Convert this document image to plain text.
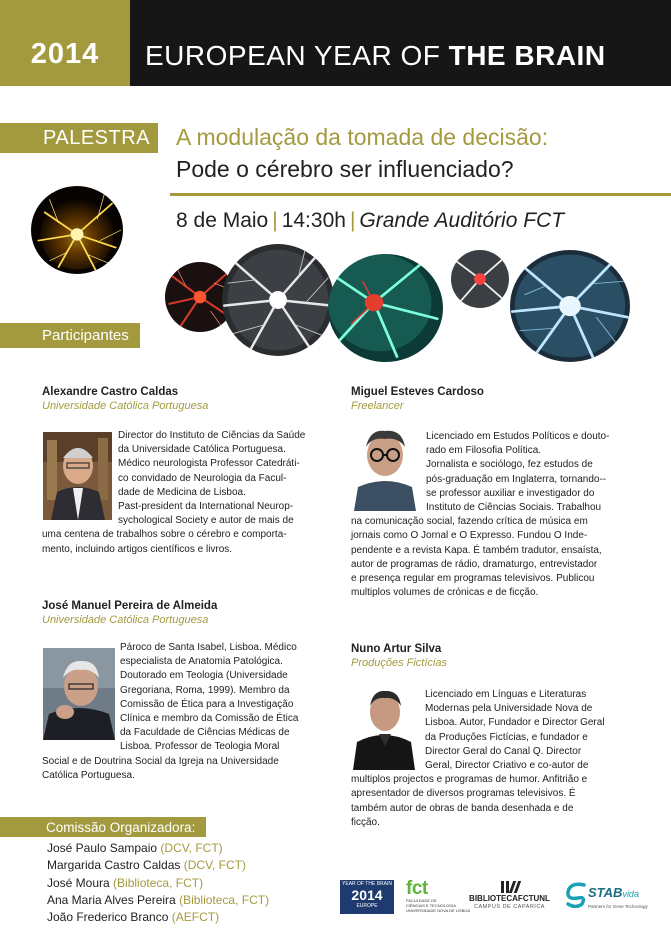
2014	EUROPEAN YEAR OF THE BRAIN
PALESTRA	A modulação da tomada de decisão:
Pode o cérebro ser influenciado?
8 de Maio | 14:30h | Grande Auditório FCT
Participantes
Alexandre Castro Caldas
Universidade Católica Portuguesa
Director do Instituto de Ciências da Saúde
da Universidade Católica Portuguesa.
Médico neurologista Professor Catedráti-
co convidado de Neurologia da Facul-
dade de Medicina de Lisboa.
Past-president da International Neurop-
sychological Society e autor de mais de
uma centena de trabalhos sobre o cérebro e comporta-
mento, incluindo artigos científicos e livros.
Miguel Esteves Cardoso
Freelancer
Licenciado em Estudos Políticos e douto-
rado em Filosofia Política.
Jornalista e sociólogo, fez estudos de
pós-graduação em Inglaterra, tornando--
se professor auxiliar e investigador do
Instituto de Ciências Sociais. Trabalhou
na comunicação social, fazendo crítica de música em
jornais como O Jornal e O Expresso. Fundou O Inde-
pendente e a revista Kapa. É também tradutor, ensaísta,
autor de programas de rádio, dramaturgo, entrevistador
e presença regular em programas televisivos. Publicou
multiplos volumes de crónicas e de ficção.
José Manuel Pereira de Almeida
Universidade Católica Portuguesa
Pároco de Santa Isabel, Lisboa. Médico
especialista de Anatomia Patológica.
Doutorado em Teologia (Universidade
Gregoriana, Roma, 1999). Membro da
Comissão de Ética para a Investigação
Clínica e membro da Comissão de Ética
da Faculdade de Ciências Médicas de
Lisboa. Professor de Teologia Moral
Social e de Doutrina Social da Igreja na Universidade
Católica Portuguesa.
Nuno Artur Silva
Produções Fictícias
Licenciado em Línguas e Literaturas
Modernas pela Universidade Nova de
Lisboa. Autor, Fundador e Director Geral
da Produções Fictícias, e fundador e
Director Geral do Canal Q. Director
Geral, Director Criativo e co-autor de
multiplos projectos e programas de humor. Anfitrião e
apresentador de diversos programas televisivos. É
também autor de obras de banda desenhada e de
ficção.
Comissão Organizadora:
José Paulo Sampaio (DCV, FCT)
Margarida Castro Caldas (DCV, FCT)
José Moura (Biblioteca, FCT)
Ana Maria Alves Pereira (Biblioteca, FCT)
João Frederico Branco (AEFCT)
YEAR OF THE BRAIN
2014
EUROPE
fct
FACULDADE DE
CIÊNCIAS E TECNOLOGIA
UNIVERSIDADE NOVA DE LISBOA
BIBLIOTECAFCTUNL
CAMPUS DE CAPARICA
STABvida
Partners for Gene Technology
